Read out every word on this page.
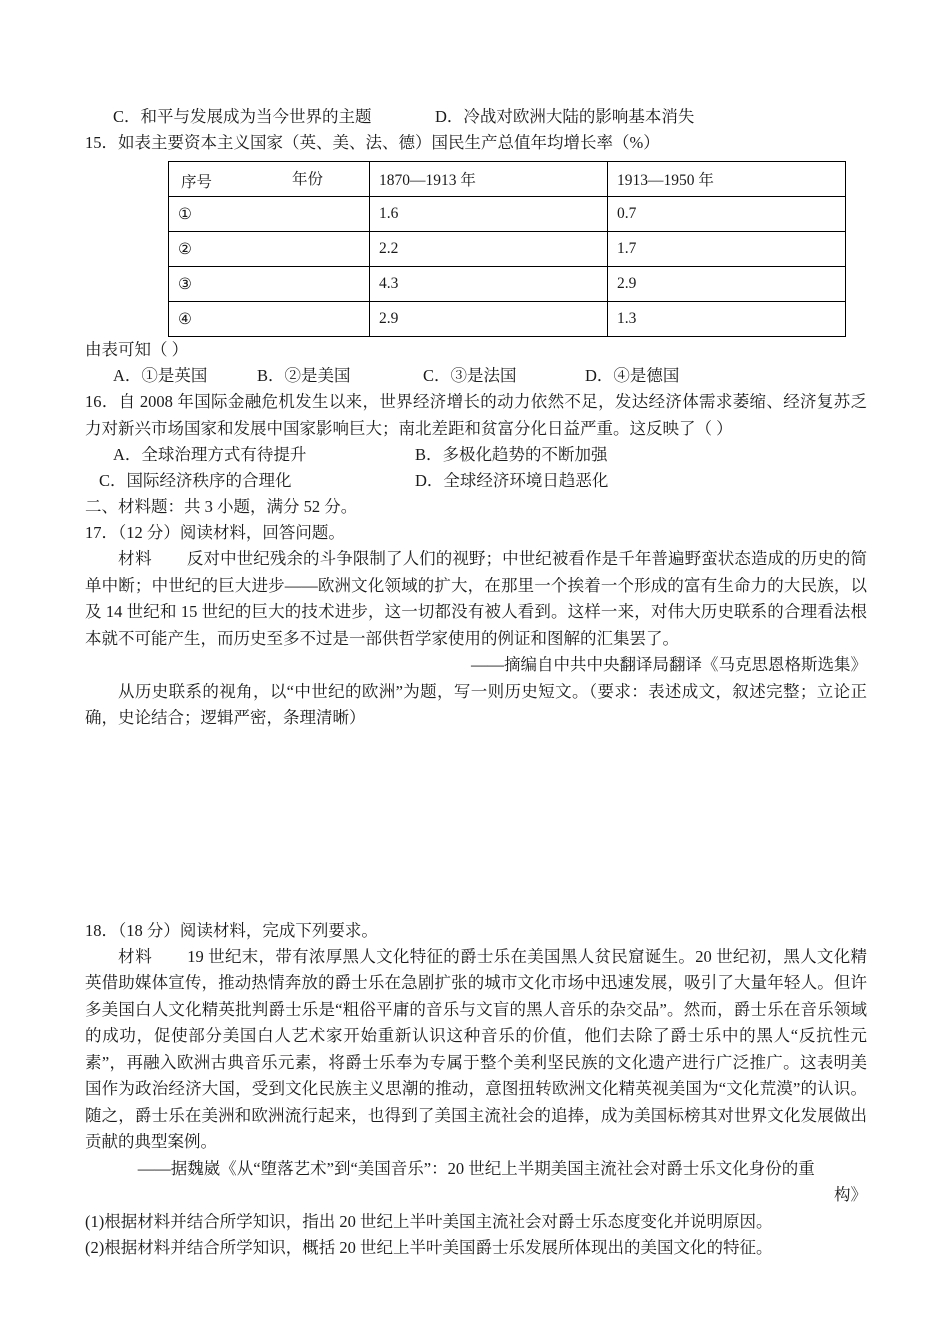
C．和平与发展成为当今世界的主题	D．冷战对欧洲大陆的影响基本消失
15．如表主要资本主义国家（英、美、法、德）国民生产总值年均增长率（%）
年份
序号	1870—1913 年	1913—1950 年
①	1.6	0.7
②	2.2	1.7
③	4.3	2.9
④	2.9	1.3
由表可知（ ）
A．①是英国	B．②是美国	C．③是法国	D．④是德国
16．自 2008 年国际金融危机发生以来，世界经济增长的动力依然不足，发达经济体需求萎缩、经济复苏乏力对新兴市场国家和发展中国家影响巨大；南北差距和贫富分化日益严重。这反映了（ ）
A．全球治理方式有待提升	B．多极化趋势的不断加强
C．国际经济秩序的合理化	D．全球经济环境日趋恶化
二、材料题：共 3 小题，满分 52 分。
17．（12 分）阅读材料，回答问题。
材料 反对中世纪残余的斗争限制了人们的视野；中世纪被看作是千年普遍野蛮状态造成的历史的简单中断；中世纪的巨大进步——欧洲文化领域的扩大，在那里一个挨着一个形成的富有生命力的大民族，以及 14 世纪和 15 世纪的巨大的技术进步，这一切都没有被人看到。这样一来，对伟大历史联系的合理看法根本就不可能产生，而历史至多不过是一部供哲学家使用的例证和图解的汇集罢了。
——摘编自中共中央翻译局翻译《马克思恩格斯选集》
从历史联系的视角，以“中世纪的欧洲”为题，写一则历史短文。（要求：表述成文，叙述完整；立论正确，史论结合；逻辑严密，条理清晰）
18．（18 分）阅读材料，完成下列要求。
材料 19 世纪末，带有浓厚黑人文化特征的爵士乐在美国黑人贫民窟诞生。20 世纪初，黑人文化精英借助媒体宣传，推动热情奔放的爵士乐在急剧扩张的城市文化市场中迅速发展，吸引了大量年轻人。但许多美国白人文化精英批判爵士乐是“粗俗平庸的音乐与文盲的黑人音乐的杂交品”。然而，爵士乐在音乐领域的成功，促使部分美国白人艺术家开始重新认识这种音乐的价值，他们去除了爵士乐中的黑人“反抗性元素”，再融入欧洲古典音乐元素，将爵士乐奉为专属于整个美利坚民族的文化遗产进行广泛推广。这表明美国作为政治经济大国，受到文化民族主义思潮的推动，意图扭转欧洲文化精英视美国为“文化荒漠”的认识。随之，爵士乐在美洲和欧洲流行起来，也得到了美国主流社会的追捧，成为美国标榜其对世界文化发展做出贡献的典型案例。
——据魏崴《从“堕落艺术”到“美国音乐”：20 世纪上半期美国主流社会对爵士乐文化身份的重
构》
(1)根据材料并结合所学知识，指出 20 世纪上半叶美国主流社会对爵士乐态度变化并说明原因。
(2)根据材料并结合所学知识，概括 20 世纪上半叶美国爵士乐发展所体现出的美国文化的特征。
